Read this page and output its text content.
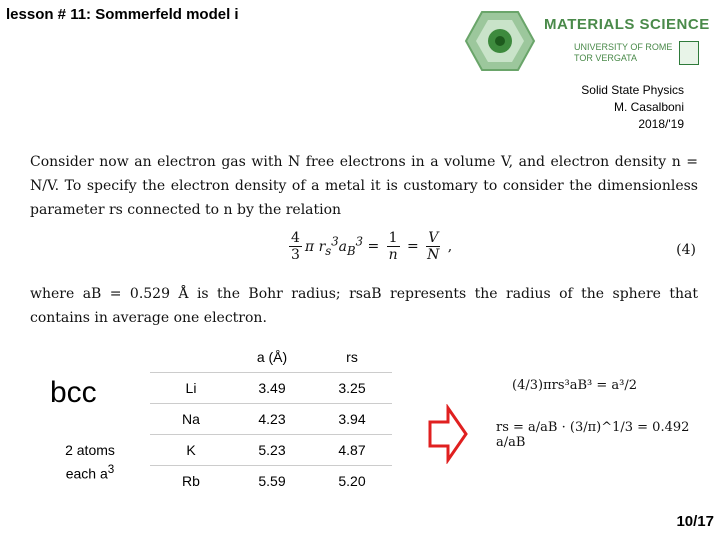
lesson # 11: Sommerfeld model i
MATERIALS SCIENCE
UNIVERSITY OF ROME
TOR VERGATA
Solid State Physics
M. Casalboni
2018/'19
Consider now an electron gas with N free electrons in a volume V, and electron density n = N/V. To specify the electron density of a metal it is customary to consider the dimensionless parameter rs connected to n by the relation
$\frac{4}{3}$ π $r_s^3a_B^3 = \frac{1}{n} = \frac{V}{N}$ ,	(4)
where aB = 0.529 Å is the Bohr radius; rsaB represents the radius of the sphere that contains in average one electron.
bcc
2 atoms
each $a^3$
	a (Å)	rs
Li	3.49	3.25
Na	4.23	3.94
K	5.23	4.87
Rb	5.59	5.20
(4/3)πrs³aB³ = a³/2
rs = a/aB · (3/π)^1/3 = 0.492 a/aB
10/17
